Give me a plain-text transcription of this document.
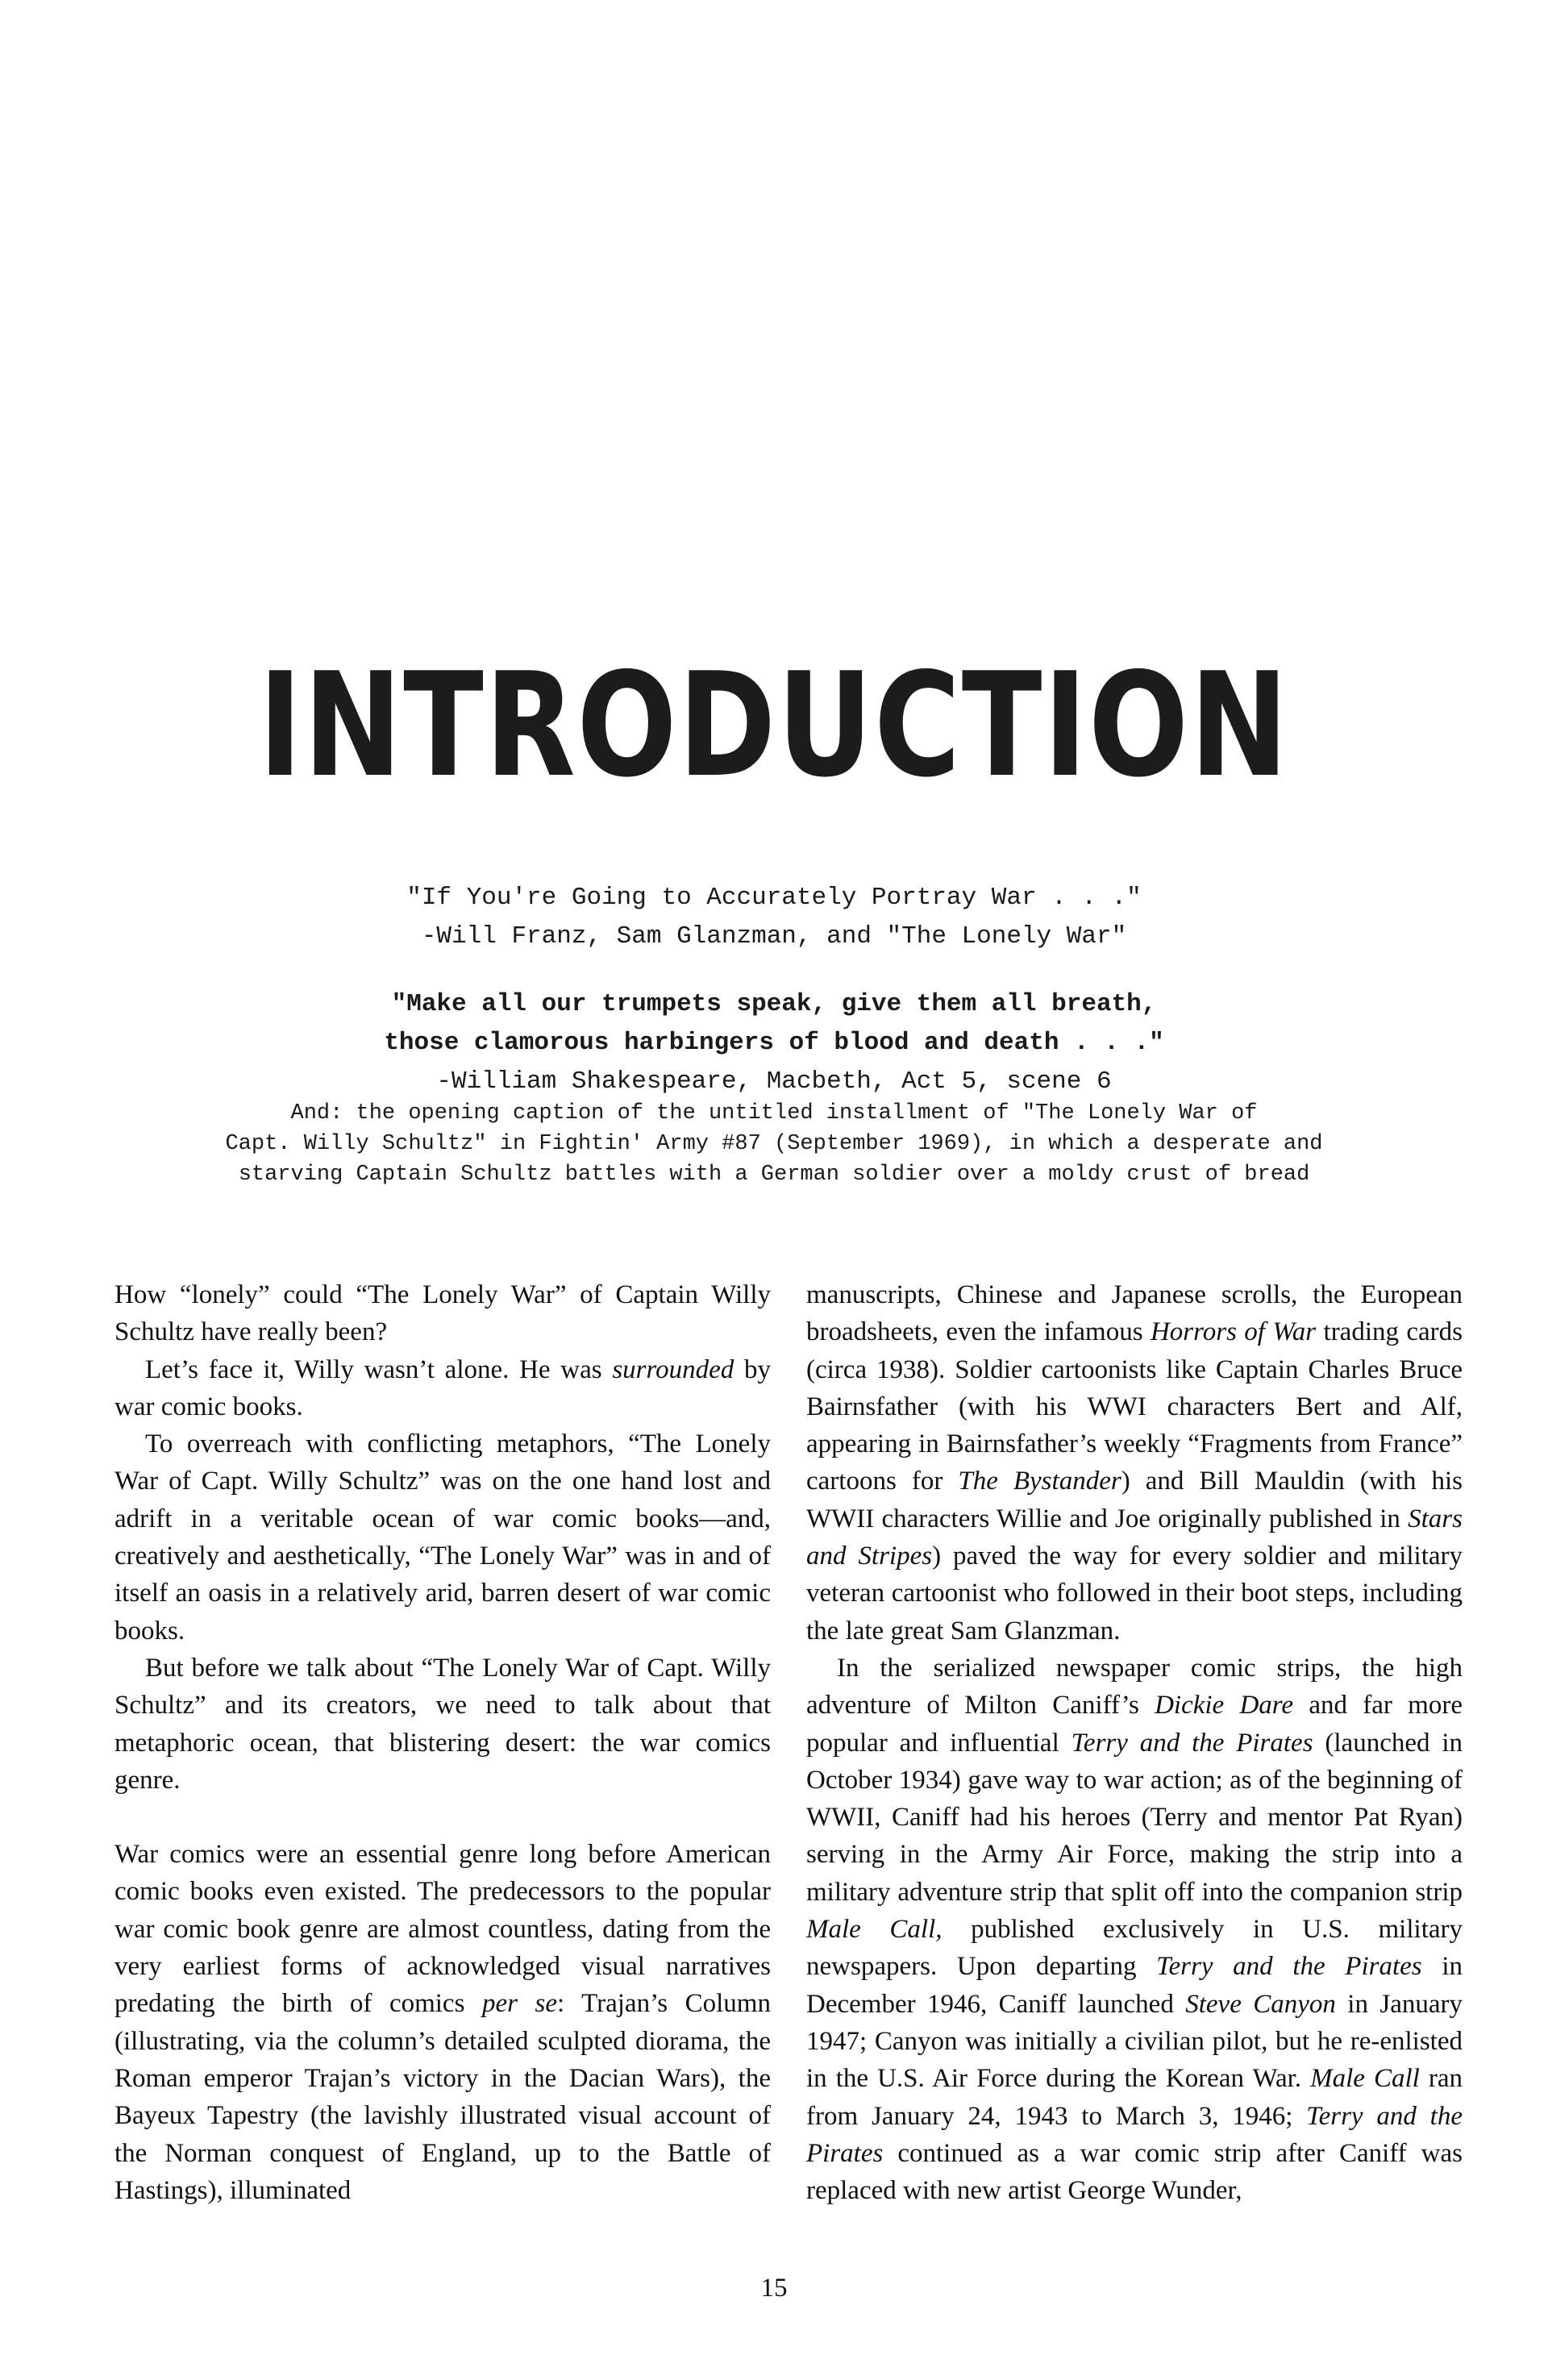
INTRODUCTION
"If You're Going to Accurately Portray War . . ."
-Will Franz, Sam Glanzman, and "The Lonely War"
"Make all our trumpets speak, give them all breath,
those clamorous harbingers of blood and death . . ."
-William Shakespeare, Macbeth, Act 5, scene 6
And: the opening caption of the untitled installment of "The Lonely War of
Capt. Willy Schultz" in Fightin' Army #87 (September 1969), in which a desperate and
starving Captain Schultz battles with a German soldier over a moldy crust of bread

How “lonely” could “The Lonely War” of Captain Willy Schultz have really been?

Let’s face it, Willy wasn’t alone. He was surrounded by war comic books.

To overreach with conflicting metaphors, “The Lonely War of Capt. Willy Schultz” was on the one hand lost and adrift in a veritable ocean of war comic books—and, creatively and aesthetically, “The Lonely War” was in and of itself an oasis in a relatively arid, barren desert of war comic books.

But before we talk about “The Lonely War of Capt. Willy Schultz” and its creators, we need to talk about that metaphoric ocean, that blistering desert: the war comics genre.

War comics were an essential genre long before American comic books even existed. The predecessors to the popular war comic book genre are almost countless, dating from the very earliest forms of acknowledged visual narratives predating the birth of comics per se: Trajan’s Column (illustrating, via the column’s detailed sculpted diorama, the Roman emperor Trajan’s victory in the Dacian Wars), the Bayeux Tapestry (the lavishly illustrated visual account of the Norman conquest of England, up to the Battle of Hastings), illuminated

manuscripts, Chinese and Japanese scrolls, the European broadsheets, even the infamous Horrors of War trading cards (circa 1938). Soldier cartoonists like Captain Charles Bruce Bairnsfather (with his WWI characters Bert and Alf, appearing in Bairnsfather’s weekly “Fragments from France” cartoons for The Bystander) and Bill Mauldin (with his WWII characters Willie and Joe originally published in Stars and Stripes) paved the way for every soldier and military veteran cartoonist who followed in their boot steps, including the late great Sam Glanzman.

In the serialized newspaper comic strips, the high adventure of Milton Caniff’s Dickie Dare and far more popular and influential Terry and the Pirates (launched in October 1934) gave way to war action; as of the beginning of WWII, Caniff had his heroes (Terry and mentor Pat Ryan) serving in the Army Air Force, making the strip into a military adventure strip that split off into the companion strip Male Call, published exclusively in U.S. military newspapers. Upon departing Terry and the Pirates in December 1946, Caniff launched Steve Canyon in January 1947; Canyon was initially a civilian pilot, but he re-enlisted in the U.S. Air Force during the Korean War. Male Call ran from January 24, 1943 to March 3, 1946; Terry and the Pirates continued as a war comic strip after Caniff was replaced with new artist George Wunder,

15
